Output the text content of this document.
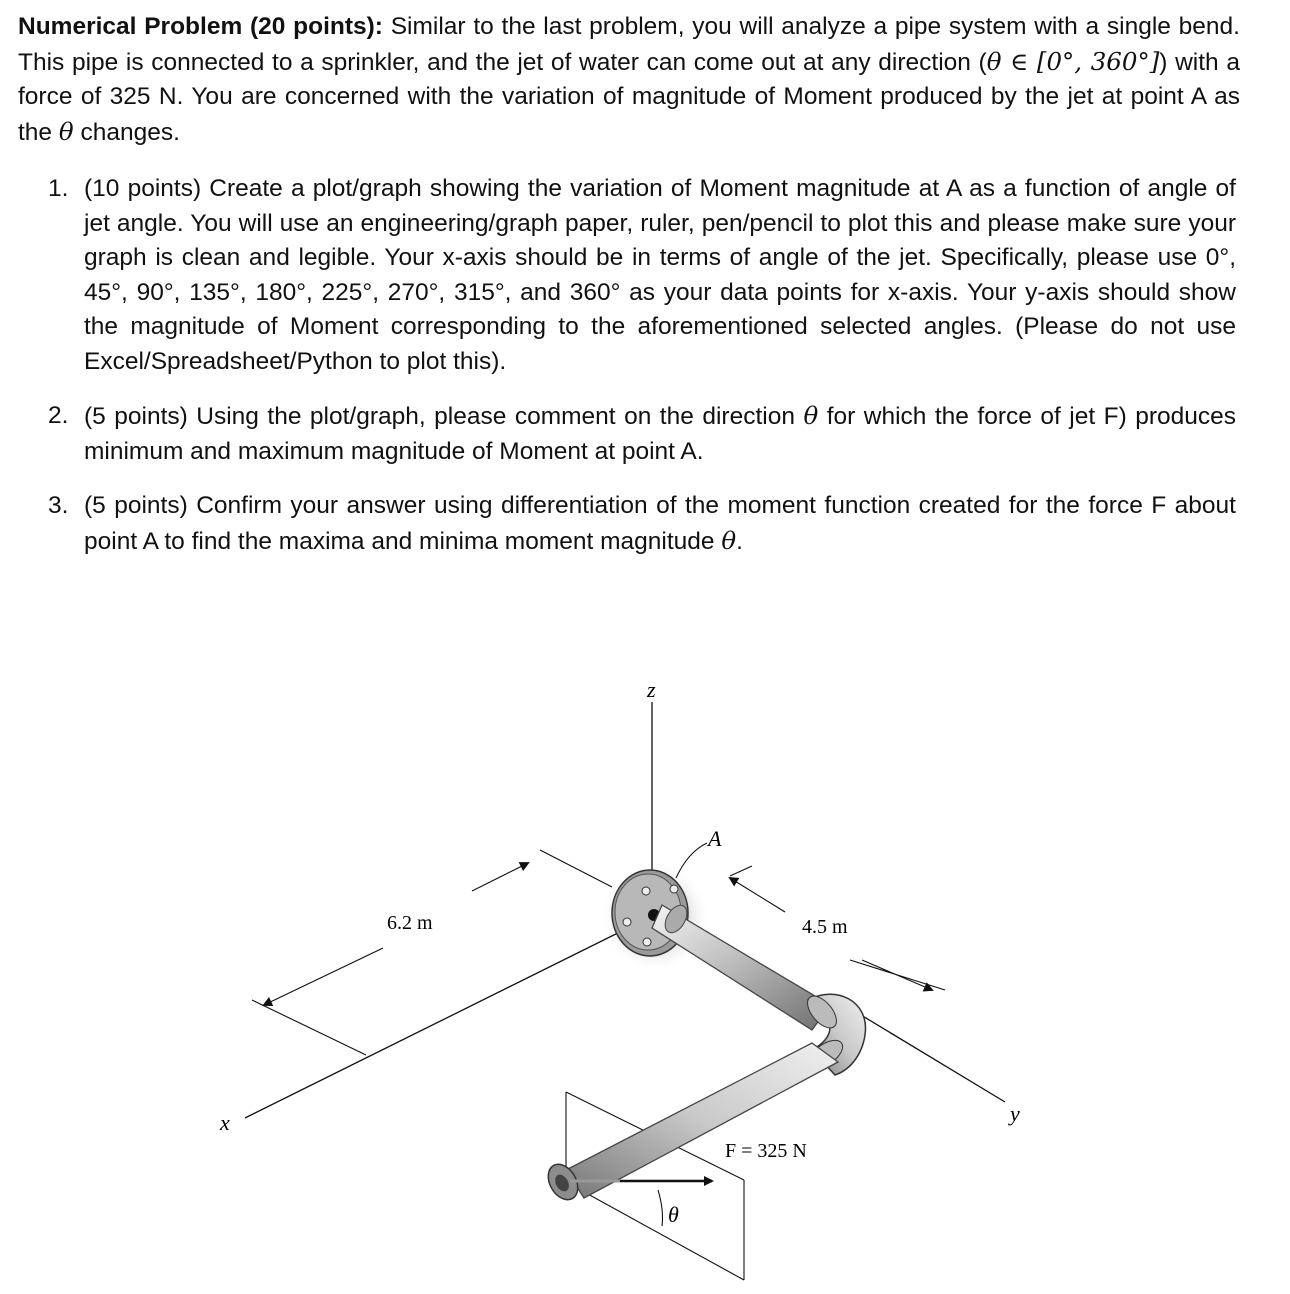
Numerical Problem (20 points): Similar to the last problem, you will analyze a pipe system with a single bend. This pipe is connected to a sprinkler, and the jet of water can come out at any direction (θ ∈ [0°, 360°]) with a force of 325 N. You are concerned with the variation of magnitude of Moment produced by the jet at point A as the θ changes.
1. (10 points) Create a plot/graph showing the variation of Moment magnitude at A as a function of angle of jet angle. You will use an engineering/graph paper, ruler, pen/pencil to plot this and please make sure your graph is clean and legible. Your x-axis should be in terms of angle of the jet. Specifically, please use 0°, 45°, 90°, 135°, 180°, 225°, 270°, 315°, and 360° as your data points for x-axis. Your y-axis should show the magnitude of Moment corresponding to the aforementioned selected angles. (Please do not use Excel/Spreadsheet/Python to plot this).
2. (5 points) Using the plot/graph, please comment on the direction θ for which the force of jet F) produces minimum and maximum magnitude of Moment at point A.
3. (5 points) Confirm your answer using differentiation of the moment function created for the force F about point A to find the maxima and minima moment magnitude θ.
z
x	y
A
6.2 m	4.5 m
F = 325 N
θ
